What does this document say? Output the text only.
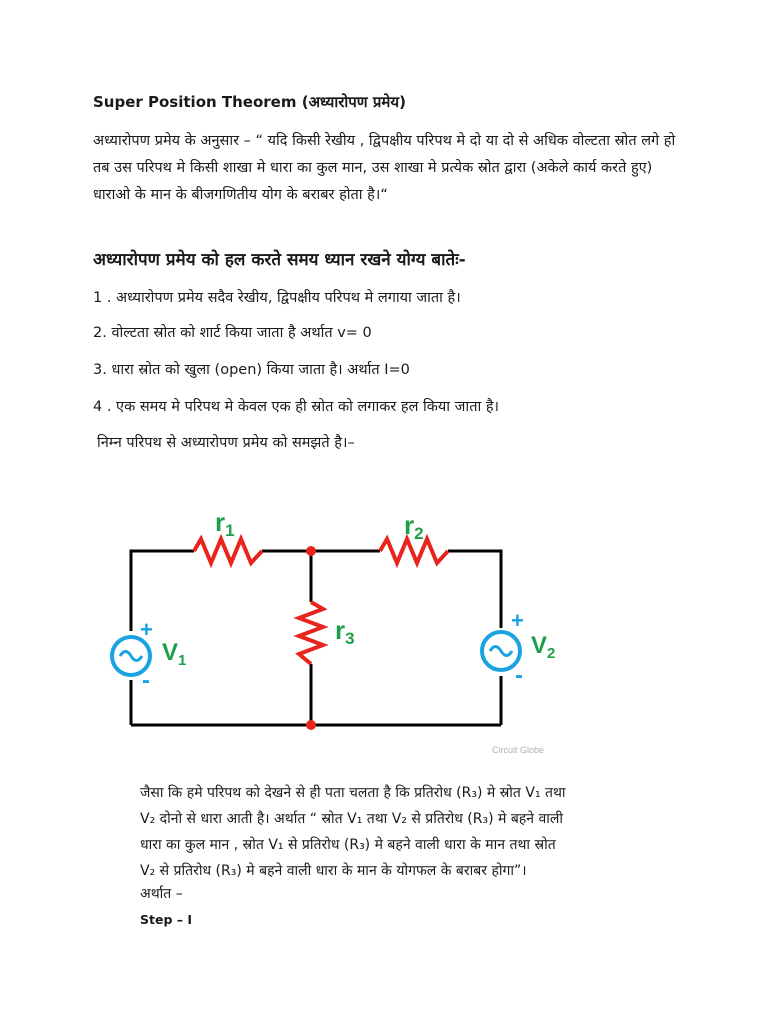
Super Position Theorem (अध्यारोपण प्रमेय)
अध्यारोपण प्रमेय के अनुसार – “ यदि किसी रेखीय , द्विपक्षीय परिपथ मे दो या दो से अधिक वोल्टता स्रोत लगे हो तब उस परिपथ मे किसी शाखा मे धारा का कुल मान, उस शाखा मे प्रत्येक स्रोत द्वारा (अकेले कार्य करते हुए) धाराओ के मान के बीजगणितीय योग के बराबर होता है।“
अध्यारोपण प्रमेय को हल करते समय ध्यान रखने योग्य बातेः-
1 . अध्यारोपण प्रमेय सदैव रेखीय, द्विपक्षीय परिपथ मे लगाया जाता है।
2. वोल्टता स्रोत को शार्ट किया जाता है अर्थात v= 0
3. धारा स्रोत को खुला (open) किया जाता है। अर्थात I=0
4 . एक समय मे परिपथ मे केवल एक ही स्रोत को लगाकर हल किया जाता है।
निम्न परिपथ से अध्यारोपण प्रमेय को समझते है।–
+
-
+
-
r1	r2
r3
$V_1$
$V_2$
Circuit Globe

जैसा कि हमे परिपथ को देखने से ही पता चलता है कि प्रतिरोध (R₃) मे स्रोत V₁ तथा

V₂ दोनो से धारा आती है। अर्थात “ स्रोत V₁ तथा V₂ से प्रतिरोध (R₃) मे बहने वाली

धारा का कुल मान , स्रोत V₁ से प्रतिरोध (R₃) मे बहने वाली धारा के मान तथा स्रोत

V₂ से प्रतिरोध (R₃) मे बहने वाली धारा के मान के योगफल के बराबर होगा”।

अर्थात –
Step – I
